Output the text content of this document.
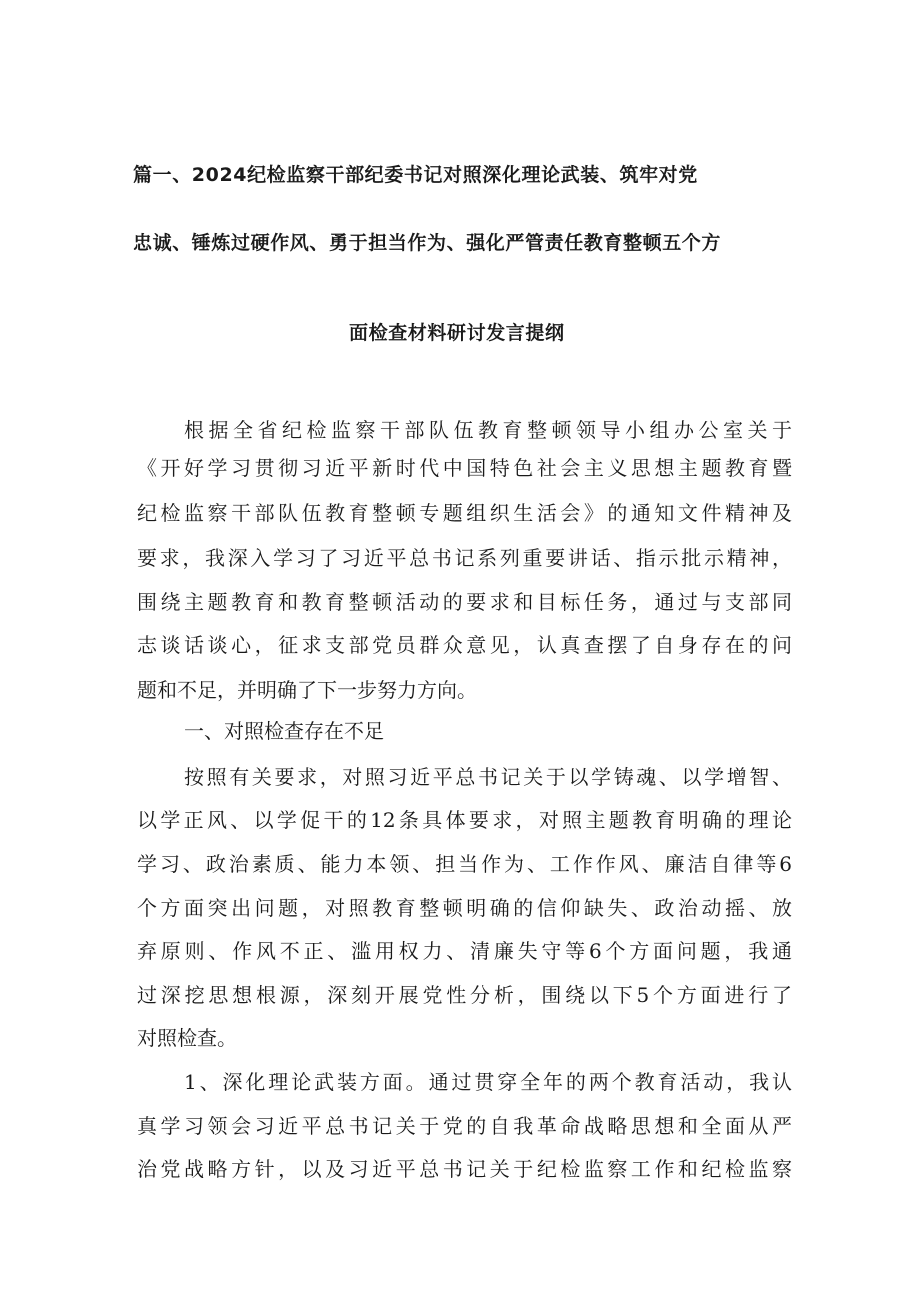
篇一、2024纪检监察干部纪委书记对照深化理论武装、筑牢对党
忠诚、锤炼过硬作风、勇于担当作为、强化严管责任教育整顿五个方
面检查材料研讨发言提纲
根据全省纪检监察干部队伍教育整顿领导小组办公室关于
《开好学习贯彻习近平新时代中国特色社会主义思想主题教育暨
纪检监察干部队伍教育整顿专题组织生活会》的通知文件精神及
要求，我深入学习了习近平总书记系列重要讲话、指示批示精神，
围绕主题教育和教育整顿活动的要求和目标任务，通过与支部同
志谈话谈心，征求支部党员群众意见，认真查摆了自身存在的问
题和不足，并明确了下一步努力方向。
一、对照检查存在不足
按照有关要求，对照习近平总书记关于以学铸魂、以学增智、
以学正风、以学促干的12条具体要求，对照主题教育明确的理论
学习、政治素质、能力本领、担当作为、工作作风、廉洁自律等6
个方面突出问题，对照教育整顿明确的信仰缺失、政治动摇、放
弃原则、作风不正、滥用权力、清廉失守等6个方面问题，我通
过深挖思想根源，深刻开展党性分析，围绕以下5个方面进行了
对照检查。
1、深化理论武装方面。通过贯穿全年的两个教育活动，我认
真学习领会习近平总书记关于党的自我革命战略思想和全面从严
治党战略方针，以及习近平总书记关于纪检监察工作和纪检监察
